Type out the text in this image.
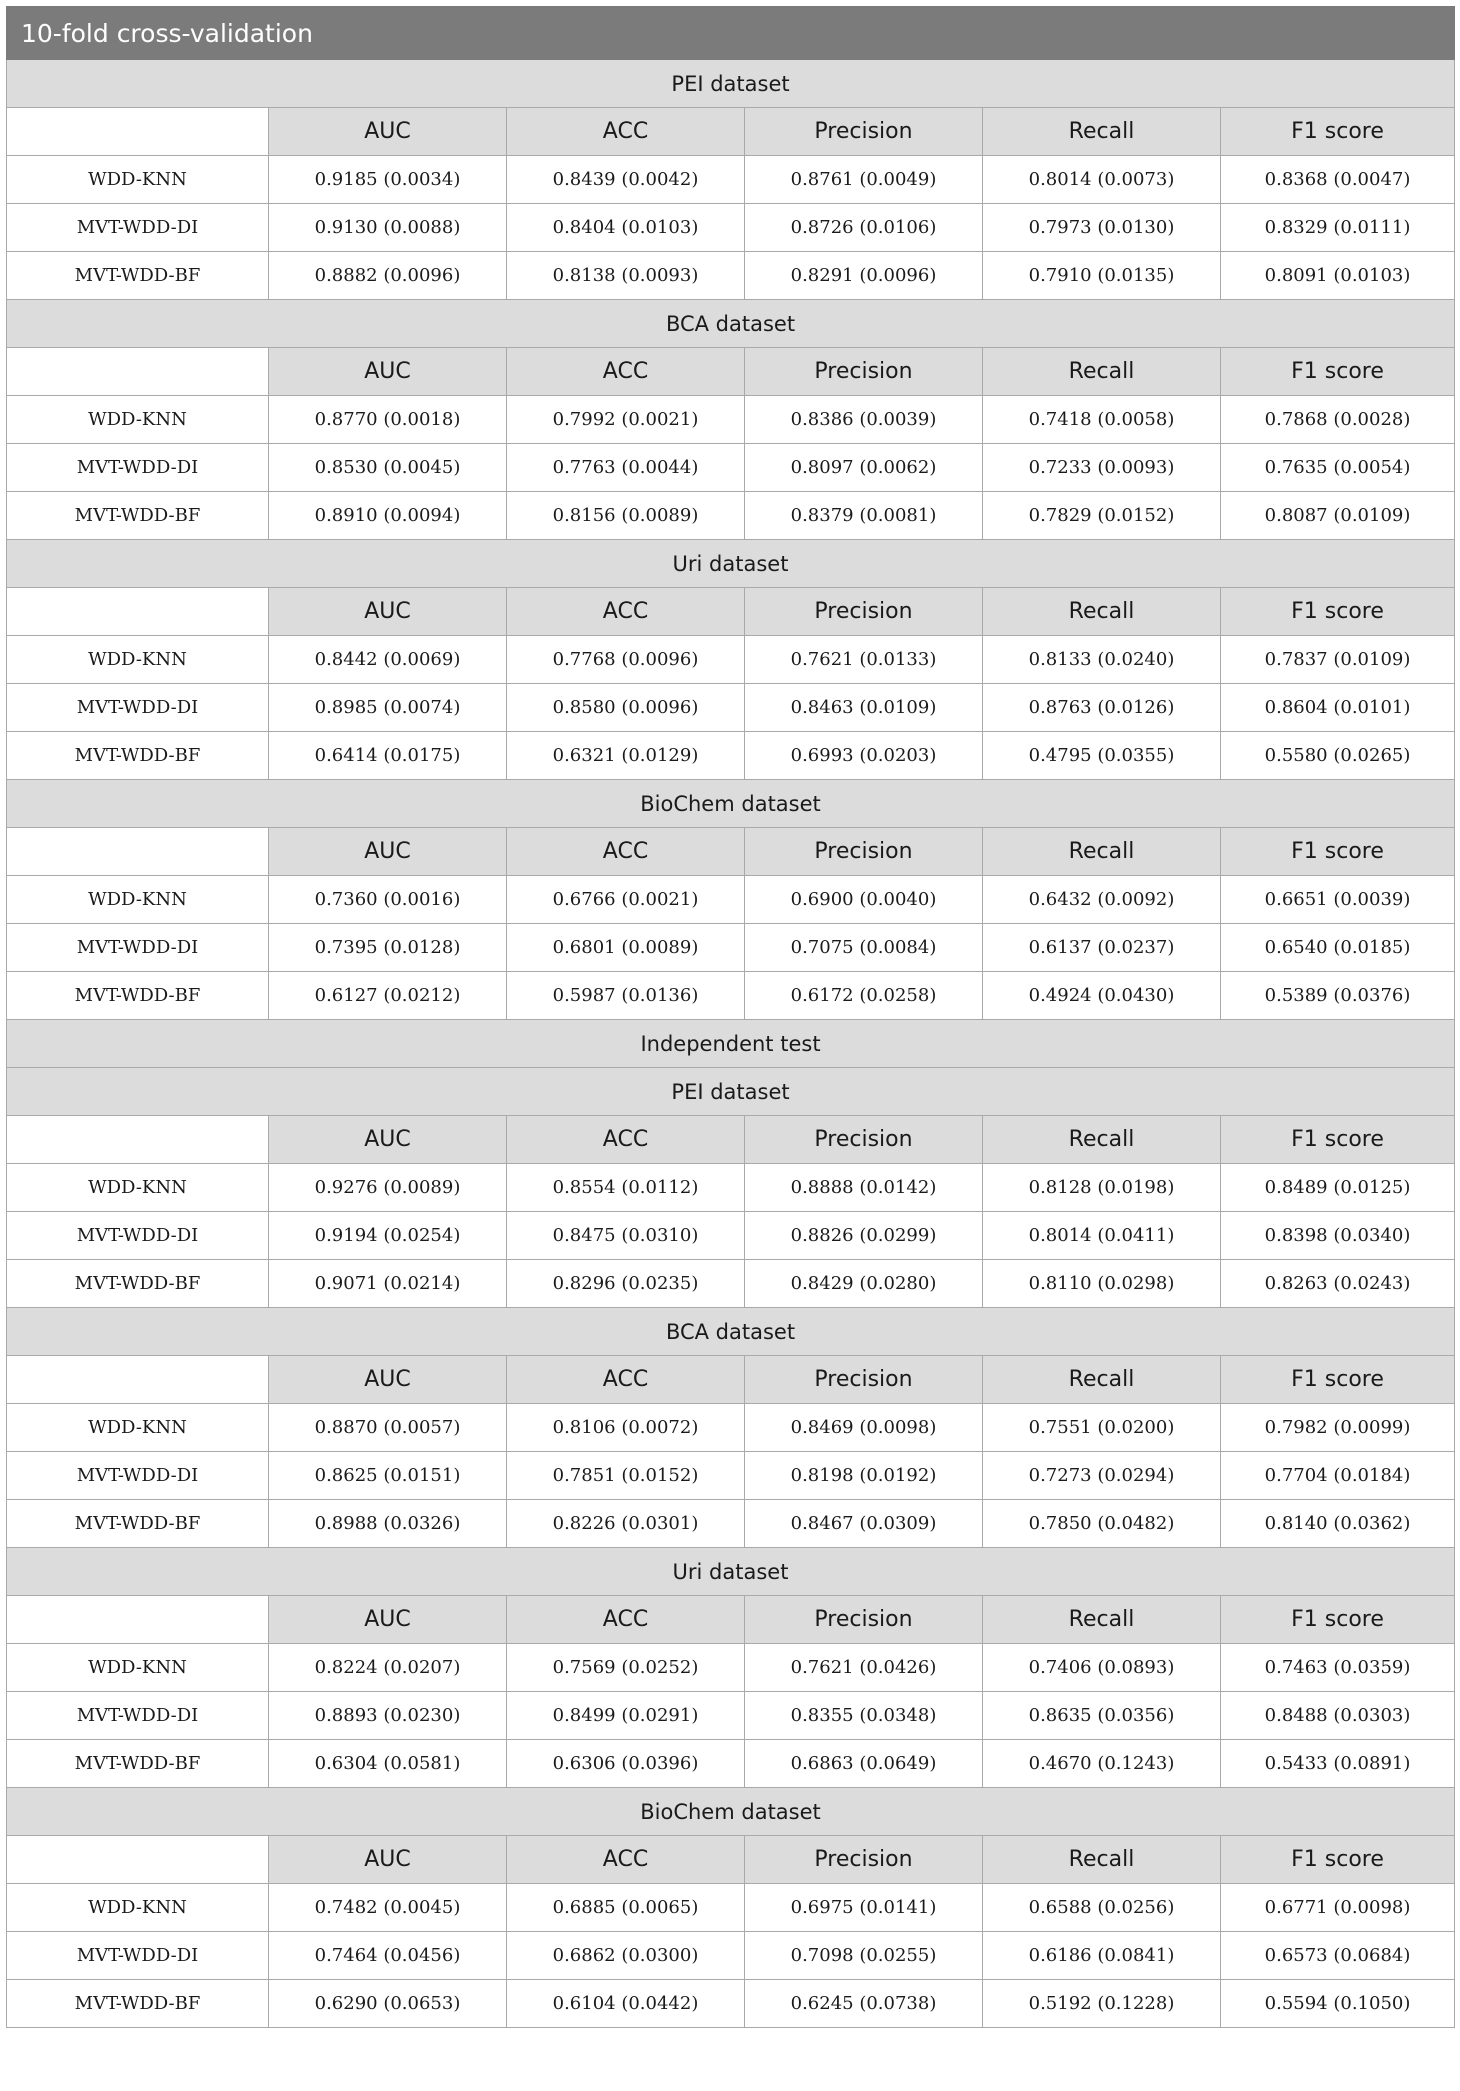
10-fold cross-validation					
PEI dataset					
	AUC	ACC	Precision	Recall	F1 score
WDD-KNN	0.9185 (0.0034)	0.8439 (0.0042)	0.8761 (0.0049)	0.8014 (0.0073)	0.8368 (0.0047)
MVT-WDD-DI	0.9130 (0.0088)	0.8404 (0.0103)	0.8726 (0.0106)	0.7973 (0.0130)	0.8329 (0.0111)
MVT-WDD-BF	0.8882 (0.0096)	0.8138 (0.0093)	0.8291 (0.0096)	0.7910 (0.0135)	0.8091 (0.0103)
BCA dataset					
	AUC	ACC	Precision	Recall	F1 score
WDD-KNN	0.8770 (0.0018)	0.7992 (0.0021)	0.8386 (0.0039)	0.7418 (0.0058)	0.7868 (0.0028)
MVT-WDD-DI	0.8530 (0.0045)	0.7763 (0.0044)	0.8097 (0.0062)	0.7233 (0.0093)	0.7635 (0.0054)
MVT-WDD-BF	0.8910 (0.0094)	0.8156 (0.0089)	0.8379 (0.0081)	0.7829 (0.0152)	0.8087 (0.0109)
Uri dataset					
	AUC	ACC	Precision	Recall	F1 score
WDD-KNN	0.8442 (0.0069)	0.7768 (0.0096)	0.7621 (0.0133)	0.8133 (0.0240)	0.7837 (0.0109)
MVT-WDD-DI	0.8985 (0.0074)	0.8580 (0.0096)	0.8463 (0.0109)	0.8763 (0.0126)	0.8604 (0.0101)
MVT-WDD-BF	0.6414 (0.0175)	0.6321 (0.0129)	0.6993 (0.0203)	0.4795 (0.0355)	0.5580 (0.0265)
BioChem dataset					
	AUC	ACC	Precision	Recall	F1 score
WDD-KNN	0.7360 (0.0016)	0.6766 (0.0021)	0.6900 (0.0040)	0.6432 (0.0092)	0.6651 (0.0039)
MVT-WDD-DI	0.7395 (0.0128)	0.6801 (0.0089)	0.7075 (0.0084)	0.6137 (0.0237)	0.6540 (0.0185)
MVT-WDD-BF	0.6127 (0.0212)	0.5987 (0.0136)	0.6172 (0.0258)	0.4924 (0.0430)	0.5389 (0.0376)
Independent test					
PEI dataset					
	AUC	ACC	Precision	Recall	F1 score
WDD-KNN	0.9276 (0.0089)	0.8554 (0.0112)	0.8888 (0.0142)	0.8128 (0.0198)	0.8489 (0.0125)
MVT-WDD-DI	0.9194 (0.0254)	0.8475 (0.0310)	0.8826 (0.0299)	0.8014 (0.0411)	0.8398 (0.0340)
MVT-WDD-BF	0.9071 (0.0214)	0.8296 (0.0235)	0.8429 (0.0280)	0.8110 (0.0298)	0.8263 (0.0243)
BCA dataset					
	AUC	ACC	Precision	Recall	F1 score
WDD-KNN	0.8870 (0.0057)	0.8106 (0.0072)	0.8469 (0.0098)	0.7551 (0.0200)	0.7982 (0.0099)
MVT-WDD-DI	0.8625 (0.0151)	0.7851 (0.0152)	0.8198 (0.0192)	0.7273 (0.0294)	0.7704 (0.0184)
MVT-WDD-BF	0.8988 (0.0326)	0.8226 (0.0301)	0.8467 (0.0309)	0.7850 (0.0482)	0.8140 (0.0362)
Uri dataset					
	AUC	ACC	Precision	Recall	F1 score
WDD-KNN	0.8224 (0.0207)	0.7569 (0.0252)	0.7621 (0.0426)	0.7406 (0.0893)	0.7463 (0.0359)
MVT-WDD-DI	0.8893 (0.0230)	0.8499 (0.0291)	0.8355 (0.0348)	0.8635 (0.0356)	0.8488 (0.0303)
MVT-WDD-BF	0.6304 (0.0581)	0.6306 (0.0396)	0.6863 (0.0649)	0.4670 (0.1243)	0.5433 (0.0891)
BioChem dataset					
	AUC	ACC	Precision	Recall	F1 score
WDD-KNN	0.7482 (0.0045)	0.6885 (0.0065)	0.6975 (0.0141)	0.6588 (0.0256)	0.6771 (0.0098)
MVT-WDD-DI	0.7464 (0.0456)	0.6862 (0.0300)	0.7098 (0.0255)	0.6186 (0.0841)	0.6573 (0.0684)
MVT-WDD-BF	0.6290 (0.0653)	0.6104 (0.0442)	0.6245 (0.0738)	0.5192 (0.1228)	0.5594 (0.1050)
